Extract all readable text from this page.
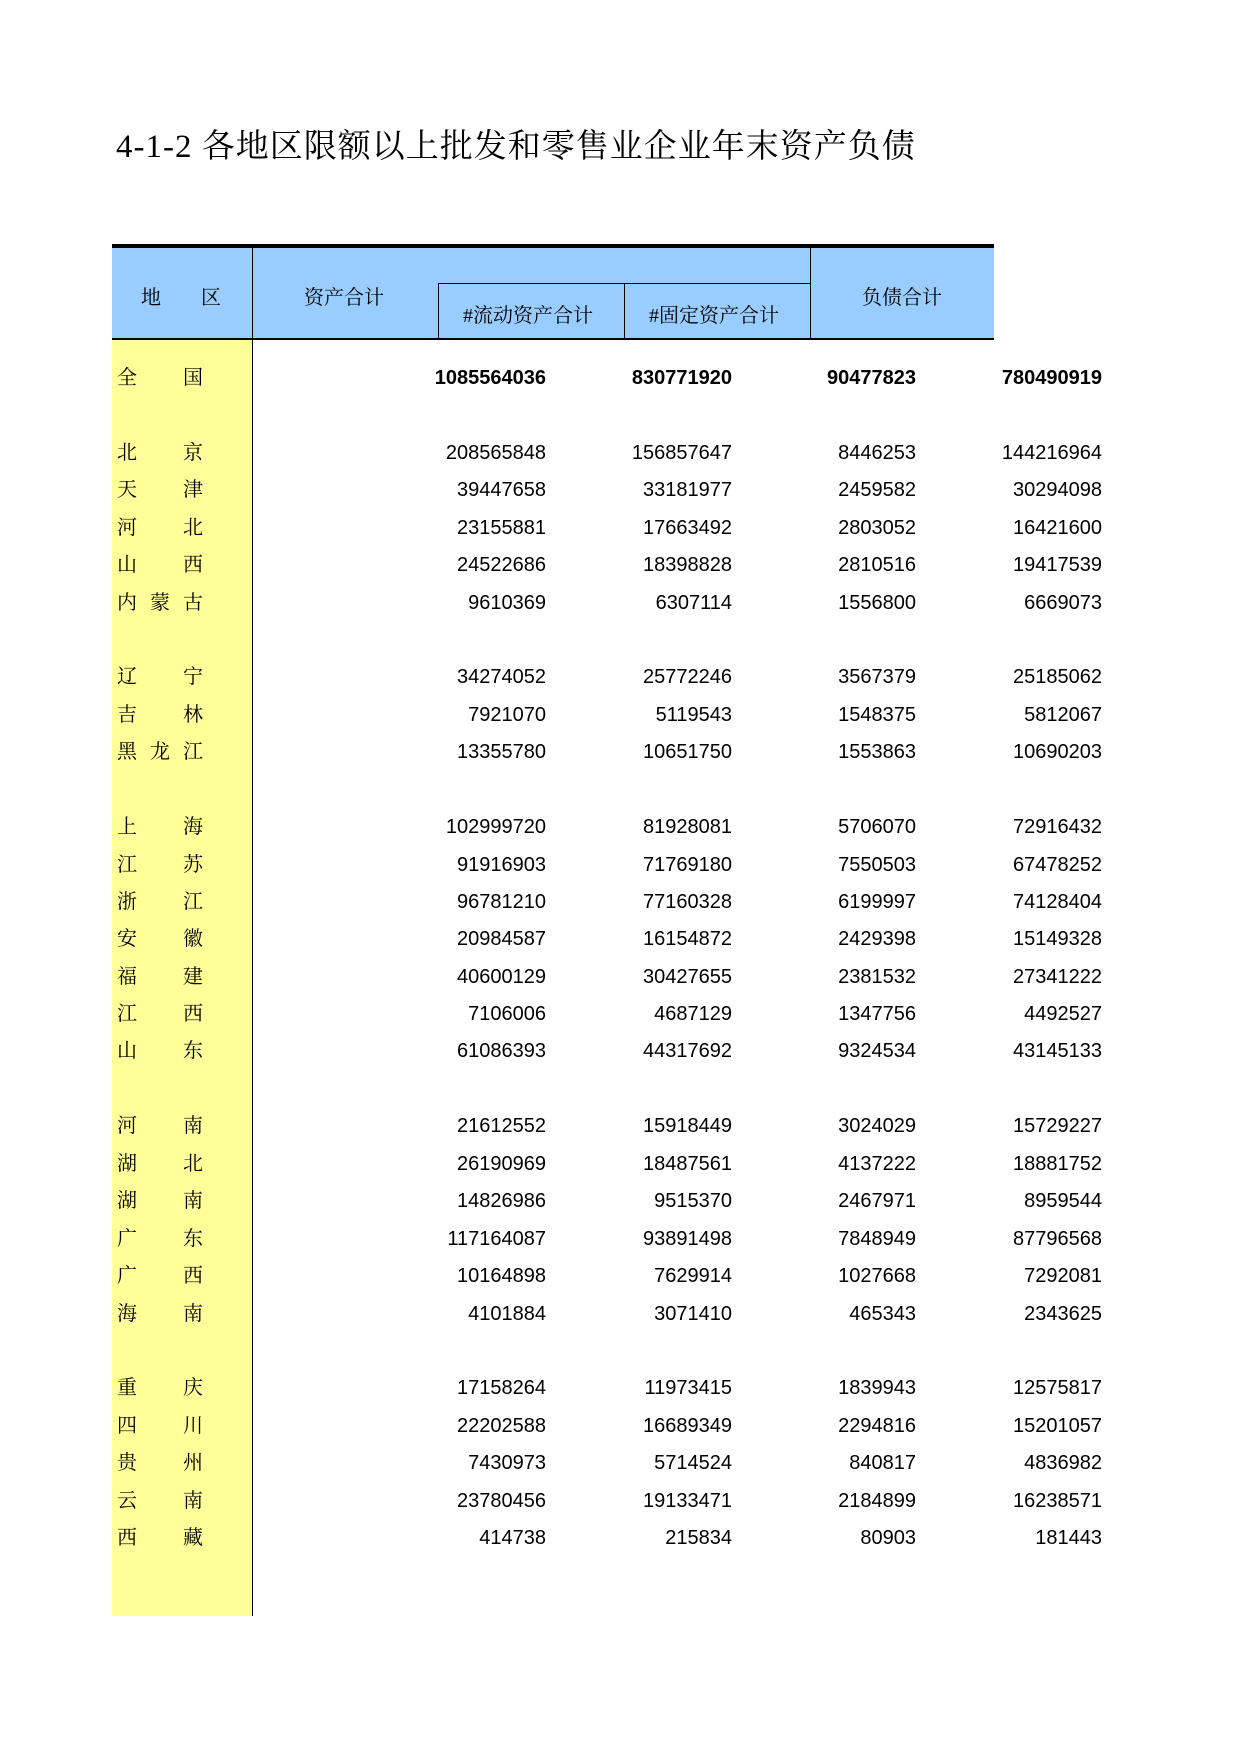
4-1-2 各地区限额以上批发和零售业企业年末资产负债
地　　区	资产合计
#流动资产合计	#固定资产合计
负债合计
全 国	1085564036	830771920	90477823	780490919
北 京	208565848	156857647	8446253	144216964
天 津	39447658	33181977	2459582	30294098
河 北	23155881	17663492	2803052	16421600
山 西	24522686	18398828	2810516	19417539
内 蒙 古	9610369	6307114	1556800	6669073
辽 宁	34274052	25772246	3567379	25185062
吉 林	7921070	5119543	1548375	5812067
黑 龙 江	13355780	10651750	1553863	10690203
上 海	102999720	81928081	5706070	72916432
江 苏	91916903	71769180	7550503	67478252
浙 江	96781210	77160328	6199997	74128404
安 徽	20984587	16154872	2429398	15149328
福 建	40600129	30427655	2381532	27341222
江 西	7106006	4687129	1347756	4492527
山 东	61086393	44317692	9324534	43145133
河 南	21612552	15918449	3024029	15729227
湖 北	26190969	18487561	4137222	18881752
湖 南	14826986	9515370	2467971	8959544
广 东	117164087	93891498	7848949	87796568
广 西	10164898	7629914	1027668	7292081
海 南	4101884	3071410	465343	2343625
重 庆	17158264	11973415	1839943	12575817
四 川	22202588	16689349	2294816	15201057
贵 州	7430973	5714524	840817	4836982
云 南	23780456	19133471	2184899	16238571
西 藏	414738	215834	80903	181443
